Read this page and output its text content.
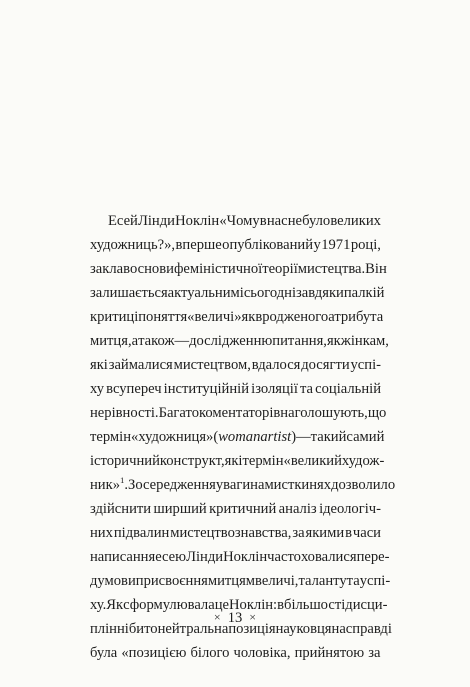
Есей Лінди Ноклін «Чому в нас не було великих
художниць?», вперше опублікований у 1971 році,
заклав основи феміністичної теорії мистецтва. Він
залишається актуальним і сьогодні завдяки палкій
критиці поняття «величі» як вродженого атрибута
митця, а також — дослідженню питання, як жінкам,
які займалися мистецтвом, вдалося досягти успі-
ху всупереч інституційній ізоляції та соціальній
нерівності. Багато коментаторів наголошують, що
термін «художниця» (woman artist) — такий самий
історичний конструкт, як і термін «великий худож-
ник»$^1$. Зосередження уваги на мисткинях дозволило
здійснити ширший критичний аналіз ідеологіч-
них підвалин мистецтвознавства, за якими в часи
написання есею Лінди Ноклін часто ховалися пере-
думови присвоєння митцям величі, таланту та успі-
ху. Як сформулювала це Ноклін: в більшості дисци-
плін нібито нейтральна позиція науковця насправді
була «позицією білого чоловіка, прийнятою за
× 13 ×
